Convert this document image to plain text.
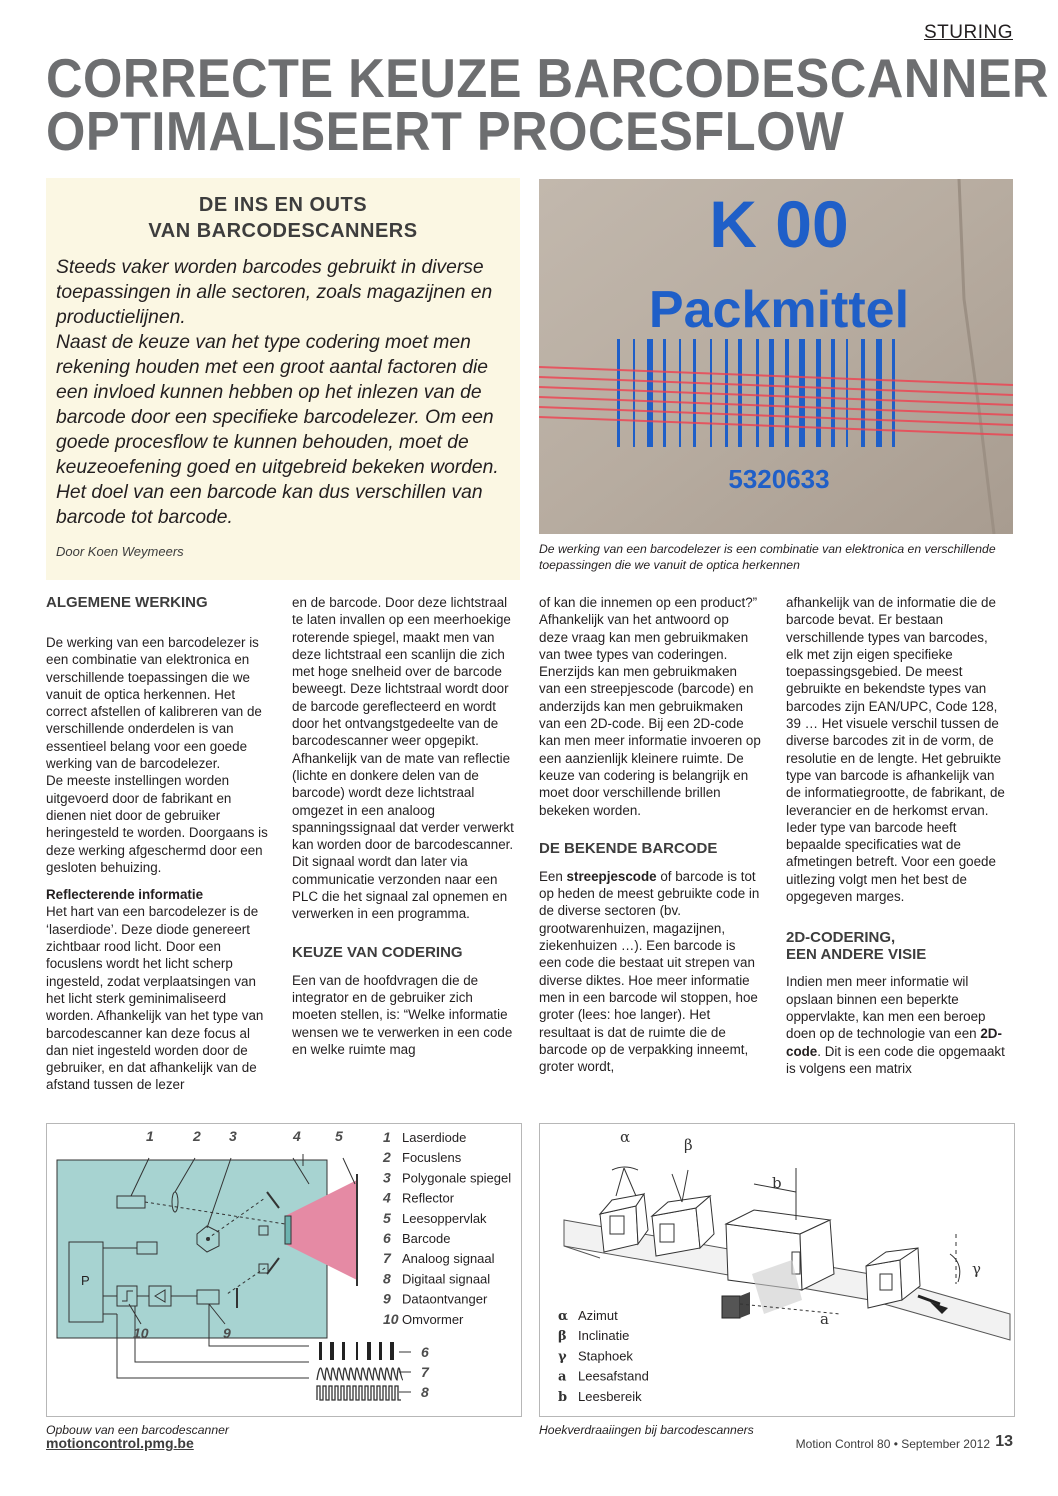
STURING
CORRECTE KEUZE BARCODESCANNER
OPTIMALISEERT PROCESFLOW
DE INS EN OUTS
VAN BARCODESCANNERS

Steeds vaker worden barcodes gebruikt in diverse toepassingen in alle sectoren, zoals magazijnen en productielijnen.

Naast de keuze van het type codering moet men rekening houden met een groot aantal factoren die een invloed kunnen hebben op het inlezen van de barcode door een specifieke barcodelezer. Om een goede procesflow te kunnen behouden, moet de keuzeoefening goed en uitgebreid bekeken worden. Het doel van een barcode kan dus verschillen van barcode tot barcode.

Door Koen Weymeers
K 00
Packmittel
5320633
De werking van een barcodelezer is een combinatie van elektronica en verschillende toepassingen die we vanuit de optica herkennen
ALGEMENE WERKING

De werking van een barcodelezer is een combinatie van elektronica en verschillende toepassingen die we vanuit de optica herkennen. Het correct afstellen of kalibreren van de verschillende onderdelen is van essentieel belang voor een goede werking van de barcodelezer.

De meeste instellingen worden uitgevoerd door de fabrikant en dienen niet door de gebruiker heringesteld te worden. Doorgaans is deze werking afgeschermd door een gesloten behuizing.

Reflecterende informatie

Het hart van een barcodelezer is de ‘laserdiode’. Deze diode genereert zichtbaar rood licht. Door een focuslens wordt het licht scherp ingesteld, zodat verplaatsingen van het licht sterk geminimaliseerd worden. Afhankelijk van het type van barcodescanner kan deze focus al dan niet ingesteld worden door de gebruiker, en dat afhankelijk van de afstand tussen de lezer

en de barcode. Door deze lichtstraal te laten invallen op een meerhoekige roterende spiegel, maakt men van deze lichtstraal een scanlijn die zich met hoge snelheid over de barcode beweegt. Deze lichtstraal wordt door de barcode gereflecteerd en wordt door het ontvangstgedeelte van de barcodescanner weer opgepikt. Afhankelijk van de mate van reflectie (lichte en donkere delen van de barcode) wordt deze lichtstraal omgezet in een analoog spanningssignaal dat verder verwerkt kan worden door de barcodescanner. Dit signaal wordt dan later via communicatie verzonden naar een PLC die het signaal zal opnemen en verwerken in een programma.

KEUZE VAN CODERING

Een van de hoofdvragen die de integrator en de gebruiker zich moeten stellen, is: “Welke informatie wensen we te verwerken in een code en welke ruimte mag

of kan die innemen op een product?” Afhankelijk van het antwoord op deze vraag kan men gebruikmaken van twee types van coderingen. Enerzijds kan men gebruikmaken van een streepjescode (barcode) en anderzijds kan men gebruikmaken van een 2D-code. Bij een 2D-code kan men meer informatie invoeren op een aanzienlijk kleinere ruimte. De keuze van codering is belangrijk en moet door verschillende brillen bekeken worden.

DE BEKENDE BARCODE

Een streepjescode of barcode is tot op heden de meest gebruikte code in de diverse sectoren (bv. grootwarenhuizen, magazijnen, ziekenhuizen …). Een barcode is een code die bestaat uit strepen van diverse diktes. Hoe meer informatie men in een barcode wil stoppen, hoe groter (lees: hoe langer). Het resultaat is dat de ruimte die de barcode op de verpakking inneemt, groter wordt,

afhankelijk van de informatie die de barcode bevat. Er bestaan verschillende types van barcodes, elk met zijn eigen specifieke toepassingsgebied. De meest gebruikte en bekendste types van barcodes zijn EAN/UPC, Code 128, 39 … Het visuele verschil tussen de diverse barcodes zit in de vorm, de resolutie en de lengte. Het gebruikte type van barcode is afhankelijk van de informatiegrootte, de fabrikant, de leverancier en de herkomst ervan. Ieder type van barcode heeft bepaalde specificaties wat de afmetingen betreft. Voor een goede uitlezing volgt men het best de opgegeven marges.

2D-CODERING,
EEN ANDERE VISIE

Indien men meer informatie wil opslaan binnen een beperkte oppervlakte, kan men een beroep doen op de technologie van een 2D-code. Dit is een code die opgemaakt is volgens een matrix

P
1	2 3	4 5
10	9
6
7
8
1 Laserdiode
2 Focuslens
3 Polygonale spiegel
4 Reflector
5 Leesoppervlak
6 Barcode
7 Analoog signaal
8 Digitaal signaal
9 Dataontvanger
10 Omvormer
Opbouw van een barcodescanner
α	β
b
γ
a
α Azimut
β Inclinatie
γ Staphoek
a Leesafstand
b Leesbereik
Hoekverdraaiingen bij barcodescanners
motioncontrol.pmg.be	Motion Control 80 • September 2012 13
